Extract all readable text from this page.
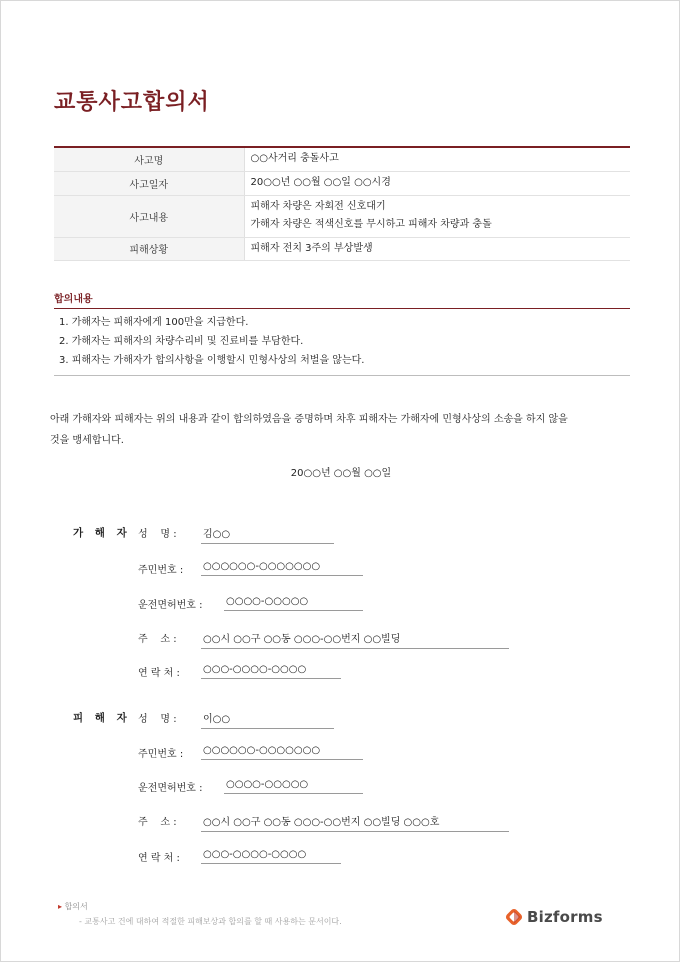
교통사고합의서
사고명	○○사거리 충돌사고

사고일자	20○○년 ○○월 ○○일 ○○시경

사고내용	피해자 차량은 자회전 신호대기
가해자 차량은 적색신호를 무시하고 피해자 차량과 충돌

피해상황	피해자 전치 3주의 부상발생
합의내용
1. 가해자는 피해자에게 100만을 지급한다.
2. 가해자는 피해자의 차량수리비 및 진료비를 부담한다.
3. 피해자는 가해자가 합의사항을 이행할시 민형사상의 처벌을 않는다.
아래 가해자와 피해자는 위의 내용과 같이 합의하였음을 증명하며 차후 피해자는 가해자에 민형사상의 소송을 하지 않을
것을 맹세합니다.
20○○년 ○○월 ○○일
가 해 자 성    명 :	김○○
주민번호 : ○○○○○○-○○○○○○○
운전면허번호 : ○○○○-○○○○○
주    소 :	○○시 ○○구 ○○동 ○○○-○○번지 ○○빌딩
연 락 처 : ○○○-○○○○-○○○○
피 해 자 성    명 :	이○○
주민번호 : ○○○○○○-○○○○○○○
운전면허번호 : ○○○○-○○○○○
주    소 :	○○시 ○○구 ○○동 ○○○-○○번지 ○○빌딩 ○○○호
연 락 처 : ○○○-○○○○-○○○○
▸ 합의서
- 교통사고 건에 대하여 적절한 피해보상과 합의를 할 때 사용하는 문서이다.	Bizforms
